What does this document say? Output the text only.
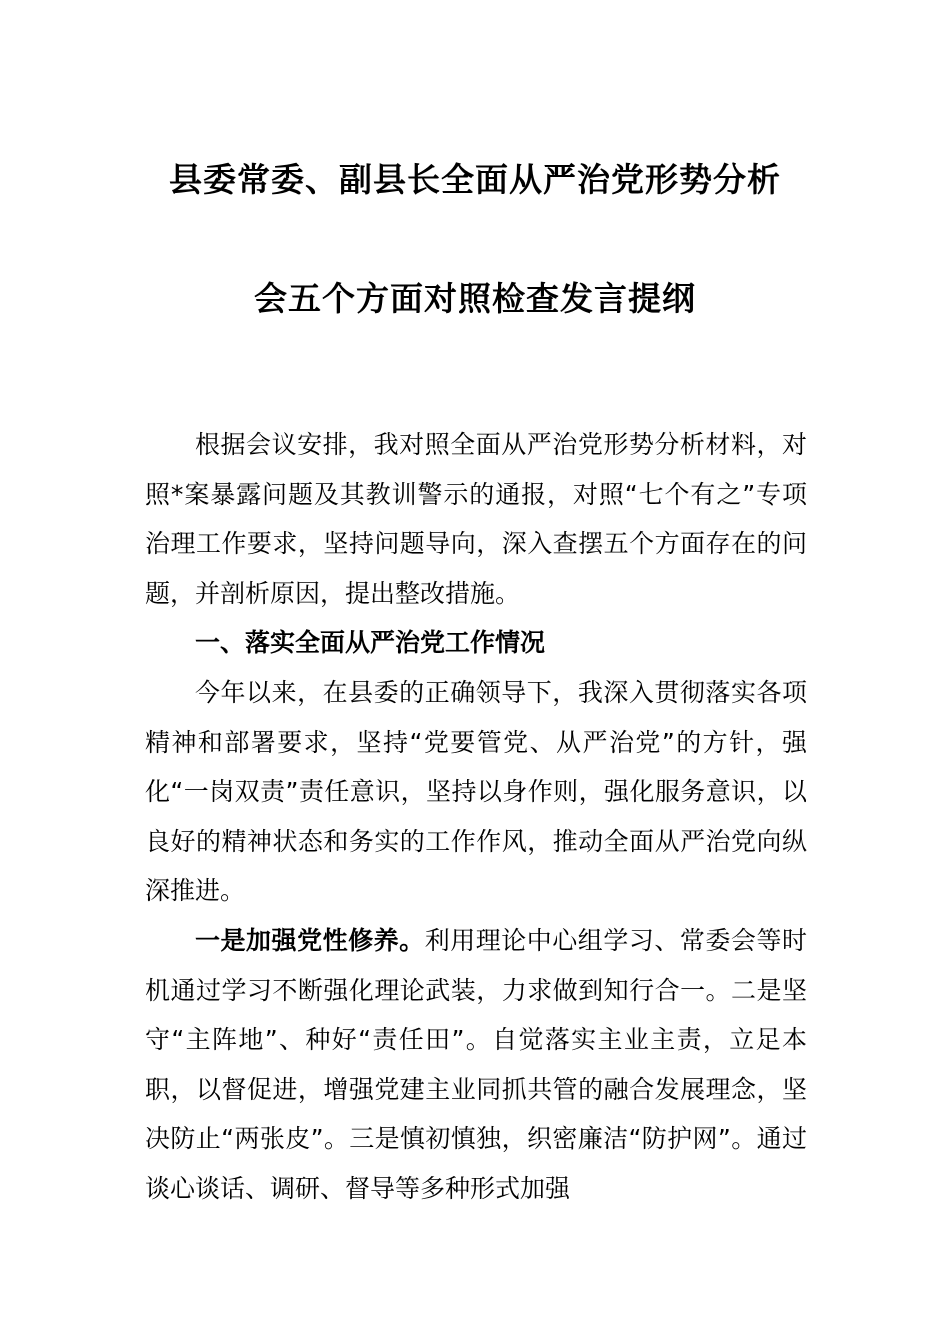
县委常委、副县长全面从严治党形势分析
会五个方面对照检查发言提纲

根据会议安排，我对照全面从严治党形势分析材料，对照*案暴露问题及其教训警示的通报，对照“七个有之”专项治理工作要求，坚持问题导向，深入查摆五个方面存在的问题，并剖析原因，提出整改措施。

一、落实全面从严治党工作情况

今年以来，在县委的正确领导下，我深入贯彻落实各项精神和部署要求，坚持“党要管党、从严治党”的方针，强化“一岗双责”责任意识，坚持以身作则，强化服务意识，以良好的精神状态和务实的工作作风，推动全面从严治党向纵深推进。

一是加强党性修养。利用理论中心组学习、常委会等时机通过学习不断强化理论武装，力求做到知行合一。二是坚守“主阵地”、种好“责任田”。自觉落实主业主责，立足本职，以督促进，增强党建主业同抓共管的融合发展理念，坚决防止“两张皮”。三是慎初慎独，织密廉洁“防护网”。通过谈心谈话、调研、督导等多种形式加强
